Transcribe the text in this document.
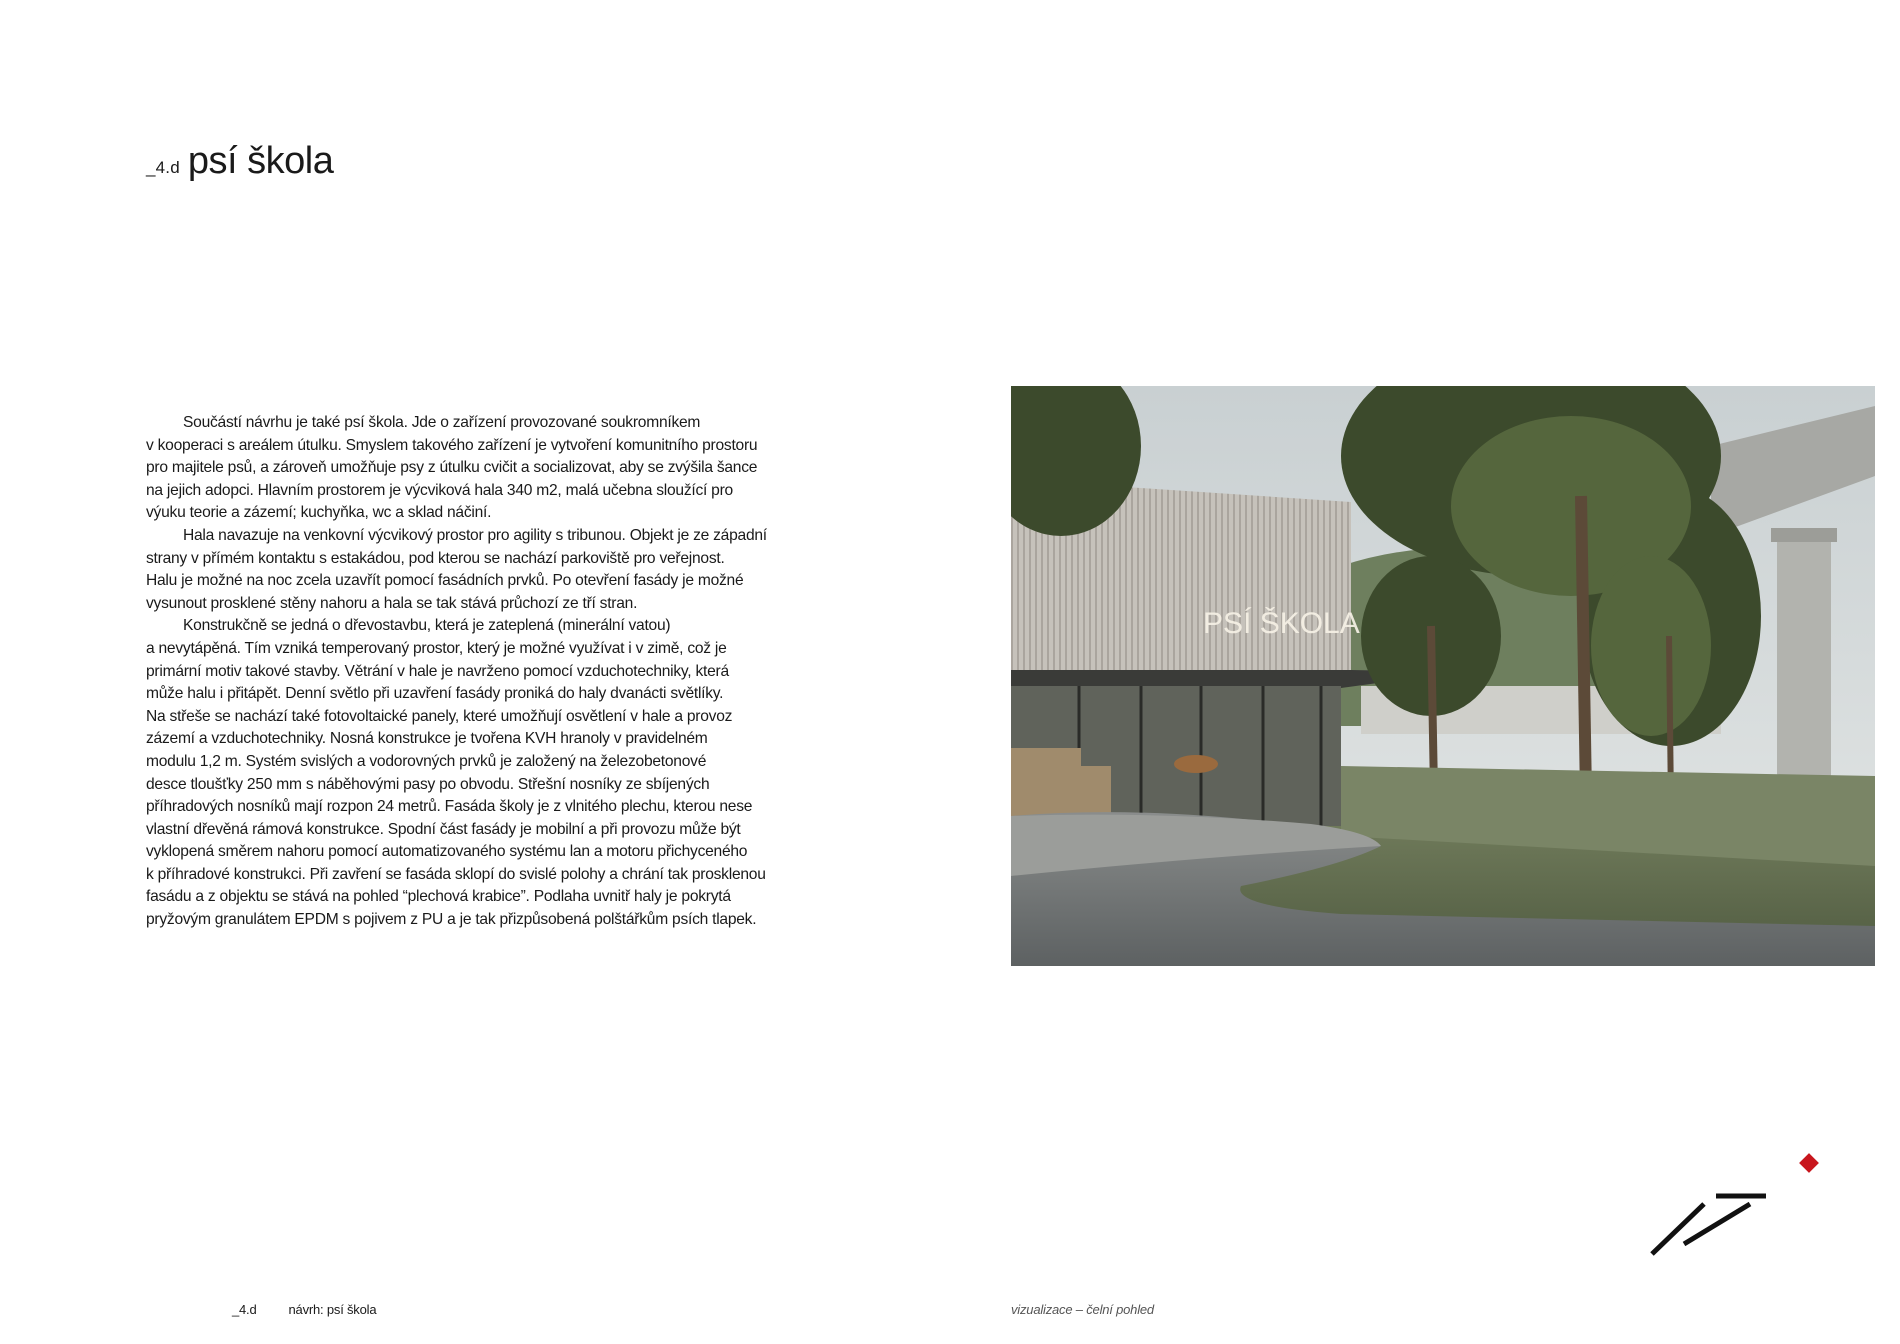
_4.d psí škola

Součástí návrhu je také psí škola. Jde o zařízení provozované soukromníkem
v kooperaci s areálem útulku. Smyslem takového zařízení je vytvoření komunitního prostoru
pro majitele psů, a zároveň umožňuje psy z útulku cvičit a socializovat, aby se zvýšila šance
na jejich adopci. Hlavním prostorem je výcviková hala 340 m2, malá učebna sloužící pro
výuku teorie a zázemí; kuchyňka, wc a sklad náčiní.

Hala navazuje na venkovní výcvikový prostor pro agility s tribunou. Objekt je ze západní
strany v přímém kontaktu s estakádou, pod kterou se nachází parkoviště pro veřejnost.
Halu je možné na noc zcela uzavřít pomocí fasádních prvků. Po otevření fasády je možné
vysunout prosklené stěny nahoru a hala se tak stává průchozí ze tří stran.

Konstrukčně se jedná o dřevostavbu, která je zateplená (minerální vatou)
a nevytápěná. Tím vzniká temperovaný prostor, který je možné využívat i v zimě, což je
primární motiv takové stavby. Větrání v hale je navrženo pomocí vzduchotechniky, která
může halu i přitápět. Denní světlo při uzavření fasády proniká do haly dvanácti světlíky.
Na střeše se nachází také fotovoltaické panely, které umožňují osvětlení v hale a provoz
zázemí a vzduchotechniky. Nosná konstrukce je tvořena KVH hranoly v pravidelném
modulu 1,2 m. Systém svislých a vodorovných prvků je založený na železobetonové
desce tloušťky 250 mm s náběhovými pasy po obvodu. Střešní nosníky ze sbíjených
příhradových nosníků mají rozpon 24 metrů. Fasáda školy je z vlnitého plechu, kterou nese
vlastní dřevěná rámová konstrukce. Spodní část fasády je mobilní a při provozu může být
vyklopená směrem nahoru pomocí automatizovaného systému lan a motoru přichyceného
k příhradové konstrukci. Při zavření se fasáda sklopí do svislé polohy a chrání tak prosklenou
fasádu a z objektu se stává na pohled “plechová krabice”. Podlaha uvnitř haly je pokrytá
pryžovým granulátem EPDM s pojivem z PU a je tak přizpůsobená polštářkům psích tlapek.

PSÍ ŠKOLA
_4.d návrh: psí škola	vizualizace – čelní pohled
